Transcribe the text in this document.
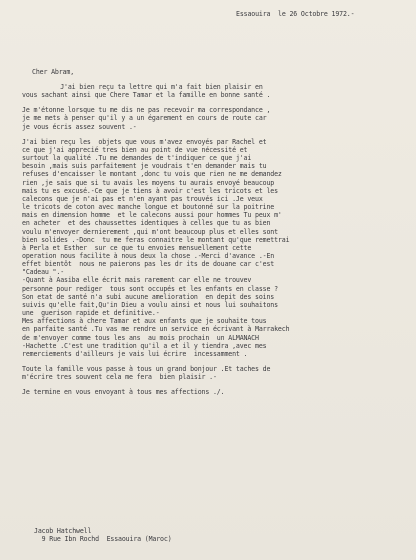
Essaouira  le 26 Octobre 1972.-
Cher Abram,
J'ai bien reçu ta lettre qui m'a fait bien plaisir en
vous sachant ainsi que Chere Tamar et la famille en bonne santé .
Je m'étonne lorsque tu me dis ne pas recevoir ma correspondance ,
je me mets à penser qu'il y a un égarement en cours de route car
je vous écris assez souvent .-
J'ai bien reçu les  objets que vous m'avez envoyés par Rachel et
ce que j'ai apprecié tres bien au point de vue nécessité et
surtout la qualité .Tu me demandes de t'indiquer ce que j'ai
besoin ,mais suis parfaitement je voudrais t'en demander mais tu
refuses d'encaisser le montant ,donc tu vois que rien ne me demandez
rien ,je sais que si tu avais les moyens tu aurais envoyé beaucoup
mais tu es excusé.-Ce que je tiens à avoir c'est les tricots et les
calecons que je n'ai pas et n'en ayant pas trouvés ici .Je veux
le tricots de coton avec manche longue et boutonné sur la poitrine
mais en dimension homme  et le calecons aussi pour hommes Tu peux m'
en acheter  et des chaussettes identiques à celles que tu as bien
voulu m'envoyer dernierement ,qui m'ont beaucoup plus et elles sont
bien solides .-Donc  tu me feras connaitre le montant qu'que remettrai
à Perla et Esther  sur ce que tu envoies mensuellement cette
operation nous facilite à nous deux la chose .-Merci d'avance .-En
effet bientôt  nous ne paierons pas les dr its de douane car c'est
"Cadeau ".-
-Quant à Aasiba elle écrit mais rarement car elle ne trouvev
personne pour rediger  tous sont occupés et les enfants en classe ?
Son etat de santé n'a subi aucune amelioration  en depit des soins
suivis qu'elle fait,Qu'in Dieu a voulu ainsi et nous lui souhaitons
une  guerison rapide et definitive.-
Mes affections à chere Tamar et aux enfants que je souhaite tous
en parfaite santé .Tu vas me rendre un service en écrivant à Marrakech
de m'envoyer comme tous les ans  au mois prochain  un ALMANACH
-Hachette .C'est une tradition qu'il a et il y tiendra ,avec mes
remerciements d'ailleurs je vais lui écrire  incessamment .
Toute la famille vous passe à tous un grand bonjour .Et taches de
m'écrire tres souvent cela me fera  bien plaisir .-
Je termine en vous envoyant à tous mes affections ./.
Jacob Hatchwell
9 Rue Ibn Rochd  Essaouira (Maroc)
